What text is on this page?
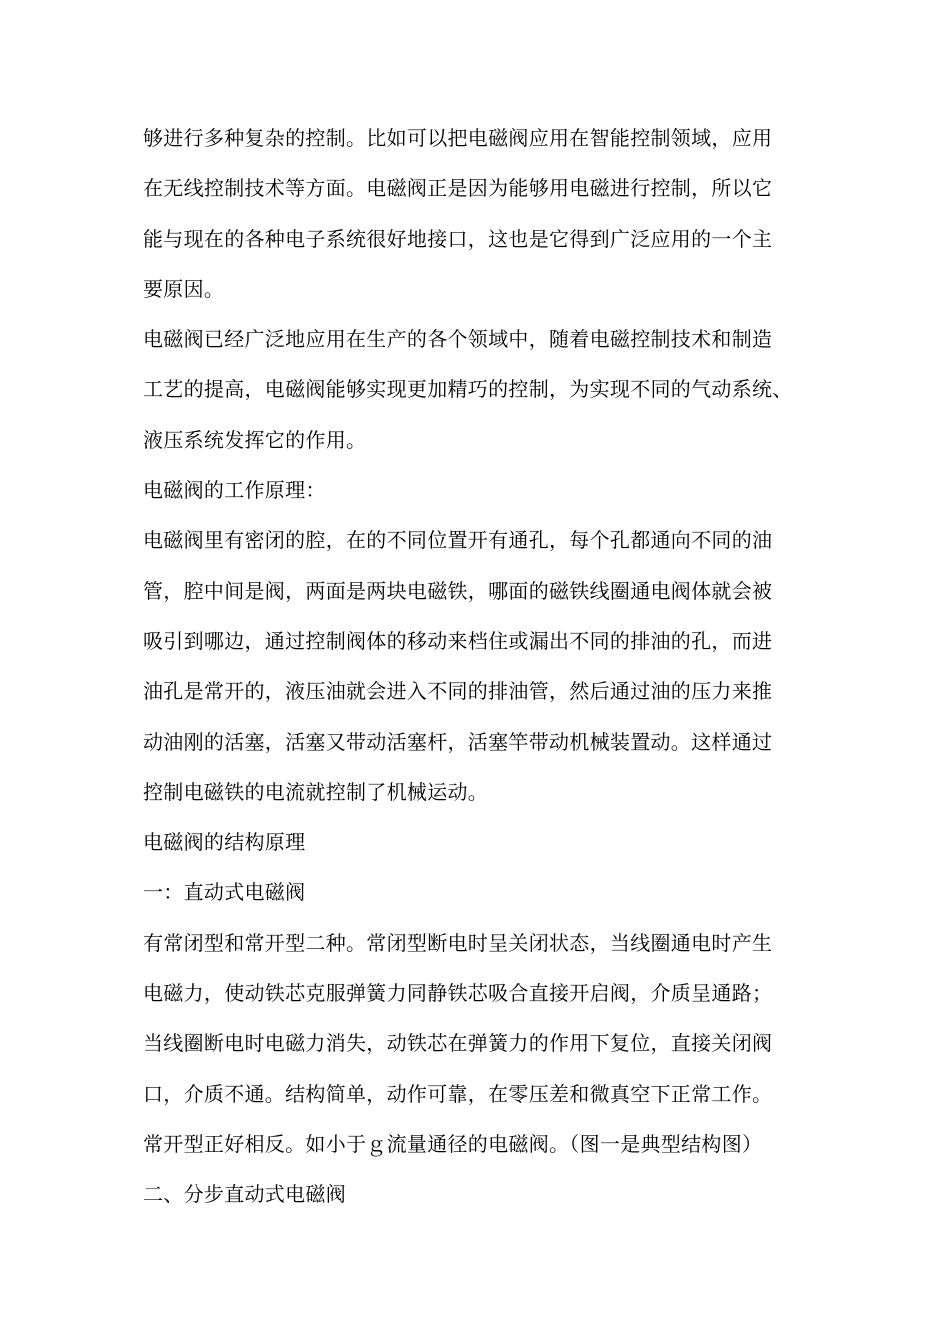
够进行多种复杂的控制。比如可以把电磁阀应用在智能控制领域，应用
在无线控制技术等方面。电磁阀正是因为能够用电磁进行控制，所以它
能与现在的各种电子系统很好地接口，这也是它得到广泛应用的一个主
要原因。
电磁阀已经广泛地应用在生产的各个领域中，随着电磁控制技术和制造
工艺的提高，电磁阀能够实现更加精巧的控制，为实现不同的气动系统、
液压系统发挥它的作用。
电磁阀的工作原理：
电磁阀里有密闭的腔，在的不同位置开有通孔，每个孔都通向不同的油
管，腔中间是阀，两面是两块电磁铁，哪面的磁铁线圈通电阀体就会被
吸引到哪边，通过控制阀体的移动来档住或漏出不同的排油的孔，而进
油孔是常开的，液压油就会进入不同的排油管，然后通过油的压力来推
动油刚的活塞，活塞又带动活塞杆，活塞竿带动机械装置动。这样通过
控制电磁铁的电流就控制了机械运动。
电磁阀的结构原理
一：直动式电磁阀
有常闭型和常开型二种。常闭型断电时呈关闭状态，当线圈通电时产生
电磁力，使动铁芯克服弹簧力同静铁芯吸合直接开启阀，介质呈通路；
当线圈断电时电磁力消失，动铁芯在弹簧力的作用下复位，直接关闭阀
口，介质不通。结构简单，动作可靠，在零压差和微真空下正常工作。
常开型正好相反。如小于ｇ流量通径的电磁阀。（图一是典型结构图）
二、分步直动式电磁阀
